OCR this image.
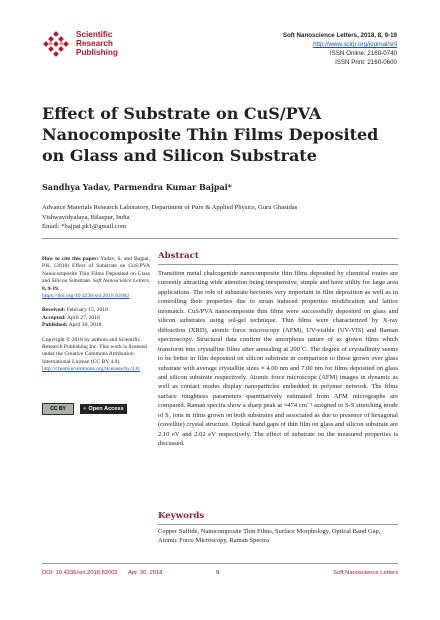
Scientific
Research
Publishing
Soft Nanoscience Letters, 2018, 8, 9-19
http://www.scirp.org/journal/snl
ISSN Online: 2160-0740
ISSN Print: 2160-0600
Effect of Substrate on CuS/PVA Nanocomposite Thin Films Deposited on Glass and Silicon Substrate
Sandhya Yadav, Parmendra Kumar Bajpai*
Advance Materials Research Laboratory, Department of Pure & Applied Physics, Guru Ghasidas Vishwavidyalaya, Bilaspur, India
Email: *bajpai.pk1@gmail.com

How to cite this paper: Yadav, S. and Bajpai, P.K. (2018) Effect of Substrate on CuS/PVA Nanocomposite Thin Films Deposited on Glass and Silicon Substrate. Soft Nanoscience Letters, 8, 9-19.
https://doi.org/10.4236/snl.2018.82002

Received: February 15, 2018
Accepted: April 27, 2018
Published: April 30, 2018

Copyright © 2018 by authors and Scientific Research Publishing Inc. This work is licensed under the Creative Commons Attribution International License (CC BY 4.0).
http://creativecommons.org/licenses/by/4.0/

CC BY	● Open Access
Abstract
Transition metal chalcogenide nanocomposite thin films deposited by chemical routes are currently attracting wide attention being inexpensive, simple and have utility for large area applications. The role of substrate becomes very important in film deposition as well as in controlling their properties due to strain induced properties modification and lattice mismatch. CuS/PVA nanocomposite thin films were successfully deposited on glass and silicon substrates using sol-gel technique. Thin films were characterized by X-ray diffraction (XRD), atomic force microscopy (AFM), UV-visible (UV-VIS) and Raman spectroscopy. Structural data confirm the amorphous nature of as grown films which transform into crystalline films after annealing at 200˚C. The degree of crystallinity seems to be better in film deposited on silicon substrate in comparison to those grown over glass substrate with average crystallite sizes ≈ 4.00 nm and 7.00 nm for films deposited on glass and silicon substrate respectively. Atomic force microscope (AFM) images in dynamic as well as contact modes display nanoparticles embedded in polymer network. The films surface roughness parameters quantitatively estimated from AFM micrographs are compared. Raman spectra show a sharp peak at ≈474 cm⁻¹ assigned to S-S stretching mode of S₂ ions in films grown on both substrates and associated as due to presence of hexagonal (covellite) crystal structure. Optical band gaps of thin film on glass and silicon substrate are 2.10 eV and 2.02 eV respectively. The effect of substrate on the measured properties is discussed.
Keywords
Copper Sulfide, Nanocomposite Thin Films, Surface Morphology, Optical Band Gap, Atomic Force Microscopy, Raman Spectra
DOI: 10.4236/snl.2018.82002 Apr. 30, 2018	9	Soft Nanoscience Letters
